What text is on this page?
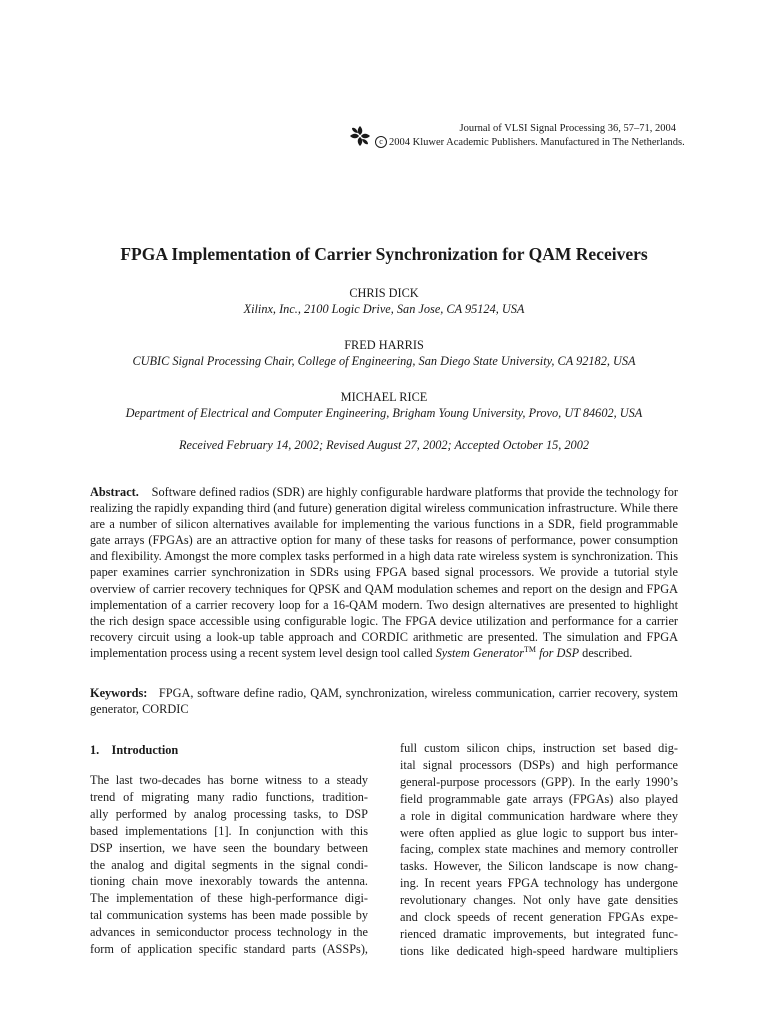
Journal of VLSI Signal Processing 36, 57–71, 2004
c 2004 Kluwer Academic Publishers. Manufactured in The Netherlands.
FPGA Implementation of Carrier Synchronization for QAM Receivers
CHRIS DICK
Xilinx, Inc., 2100 Logic Drive, San Jose, CA 95124, USA
FRED HARRIS
CUBIC Signal Processing Chair, College of Engineering, San Diego State University, CA 92182, USA
MICHAEL RICE
Department of Electrical and Computer Engineering, Brigham Young University, Provo, UT 84602, USA
Received February 14, 2002; Revised August 27, 2002; Accepted October 15, 2002
Abstract. Software defined radios (SDR) are highly configurable hardware platforms that provide the technology for realizing the rapidly expanding third (and future) generation digital wireless communication infrastructure. While there are a number of silicon alternatives available for implementing the various functions in a SDR, field programmable gate arrays (FPGAs) are an attractive option for many of these tasks for reasons of performance, power consumption and flexibility. Amongst the more complex tasks performed in a high data rate wireless system is synchronization. This paper examines carrier synchronization in SDRs using FPGA based signal processors. We provide a tutorial style overview of carrier recovery techniques for QPSK and QAM modulation schemes and report on the design and FPGA implementation of a carrier recovery loop for a 16-QAM modern. Two design alternatives are presented to highlight the rich design space accessible using configurable logic. The FPGA device utilization and performance for a carrier recovery circuit using a look-up table approach and CORDIC arithmetic are presented. The simulation and FPGA implementation process using a recent system level design tool called System Generator™ for DSP described.
Keywords: FPGA, software define radio, QAM, synchronization, wireless communication, carrier recovery, system generator, CORDIC
1. Introduction
The last two-decades has borne witness to a steady
trend of migrating many radio functions, tradition-
ally performed by analog processing tasks, to DSP
based implementations [1]. In conjunction with this
DSP insertion, we have seen the boundary between
the analog and digital segments in the signal condi-
tioning chain move inexorably towards the antenna.
The implementation of these high-performance digi-
tal communication systems has been made possible by
advances in semiconductor process technology in the
form of application specific standard parts (ASSPs),
full custom silicon chips, instruction set based dig-
ital signal processors (DSPs) and high performance
general-purpose processors (GPP). In the early 1990’s
field programmable gate arrays (FPGAs) also played
a role in digital communication hardware where they
were often applied as glue logic to support bus inter-
facing, complex state machines and memory controller
tasks. However, the Silicon landscape is now chang-
ing. In recent years FPGA technology has undergone
revolutionary changes. Not only have gate densities
and clock speeds of recent generation FPGAs expe-
rienced dramatic improvements, but integrated func-
tions like dedicated high-speed hardware multipliers
